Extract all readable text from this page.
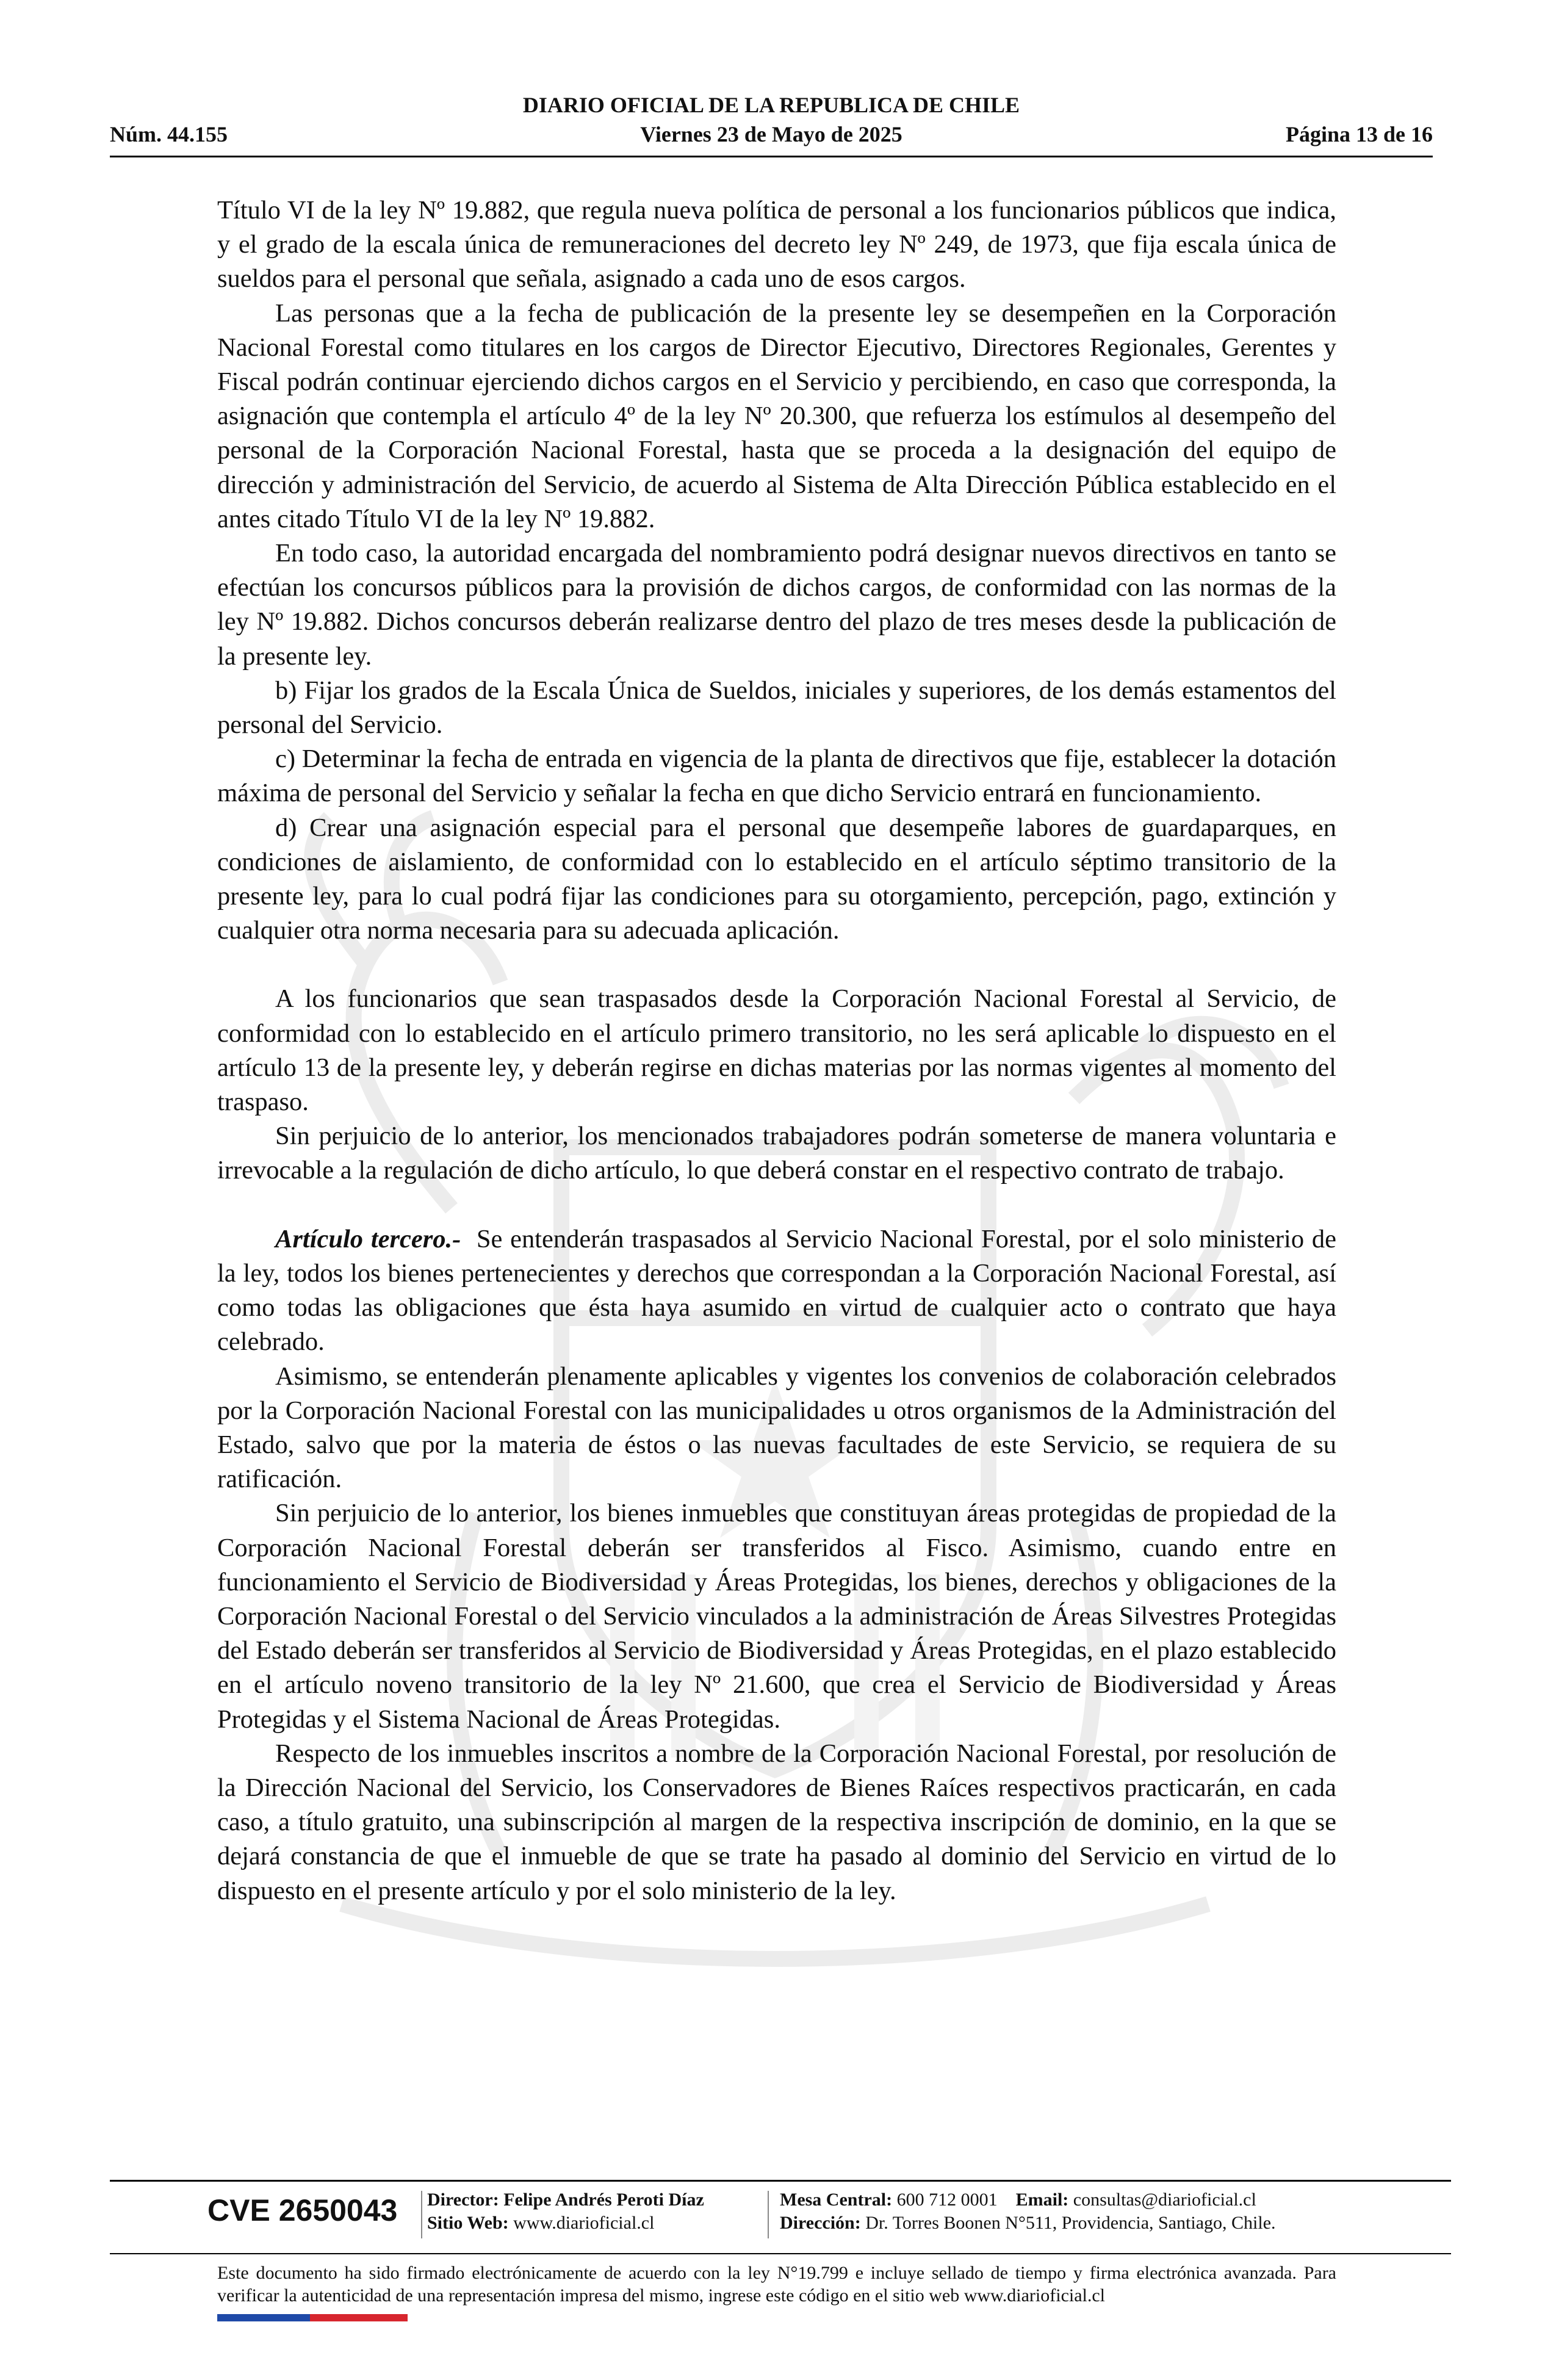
DIARIO OFICIAL DE LA REPUBLICA DE CHILE
Núm. 44.155	Viernes 23 de Mayo de 2025	Página 13 de 16

Título VI de la ley Nº 19.882, que regula nueva política de personal a los funcionarios públicos que indica, y el grado de la escala única de remuneraciones del decreto ley Nº 249, de 1973, que fija escala única de sueldos para el personal que señala, asignado a cada uno de esos cargos.

Las personas que a la fecha de publicación de la presente ley se desempeñen en la Corporación Nacional Forestal como titulares en los cargos de Director Ejecutivo, Directores Regionales, Gerentes y Fiscal podrán continuar ejerciendo dichos cargos en el Servicio y percibiendo, en caso que corresponda, la asignación que contempla el artículo 4º de la ley Nº 20.300, que refuerza los estímulos al desempeño del personal de la Corporación Nacional Forestal, hasta que se proceda a la designación del equipo de dirección y administración del Servicio, de acuerdo al Sistema de Alta Dirección Pública establecido en el antes citado Título VI de la ley Nº 19.882.

En todo caso, la autoridad encargada del nombramiento podrá designar nuevos directivos en tanto se efectúan los concursos públicos para la provisión de dichos cargos, de conformidad con las normas de la ley Nº 19.882. Dichos concursos deberán realizarse dentro del plazo de tres meses desde la publicación de la presente ley.

b) Fijar los grados de la Escala Única de Sueldos, iniciales y superiores, de los demás estamentos del personal del Servicio.

c) Determinar la fecha de entrada en vigencia de la planta de directivos que fije, establecer la dotación máxima de personal del Servicio y señalar la fecha en que dicho Servicio entrará en funcionamiento.

d) Crear una asignación especial para el personal que desempeñe labores de guardaparques, en condiciones de aislamiento, de conformidad con lo establecido en el artículo séptimo transitorio de la presente ley, para lo cual podrá fijar las condiciones para su otorgamiento, percepción, pago, extinción y cualquier otra norma necesaria para su adecuada aplicación.

A los funcionarios que sean traspasados desde la Corporación Nacional Forestal al Servicio, de conformidad con lo establecido en el artículo primero transitorio, no les será aplicable lo dispuesto en el artículo 13 de la presente ley, y deberán regirse en dichas materias por las normas vigentes al momento del traspaso.

Sin perjuicio de lo anterior, los mencionados trabajadores podrán someterse de manera voluntaria e irrevocable a la regulación de dicho artículo, lo que deberá constar en el respectivo contrato de trabajo.

Artículo tercero.- Se entenderán traspasados al Servicio Nacional Forestal, por el solo ministerio de la ley, todos los bienes pertenecientes y derechos que correspondan a la Corporación Nacional Forestal, así como todas las obligaciones que ésta haya asumido en virtud de cualquier acto o contrato que haya celebrado.

Asimismo, se entenderán plenamente aplicables y vigentes los convenios de colaboración celebrados por la Corporación Nacional Forestal con las municipalidades u otros organismos de la Administración del Estado, salvo que por la materia de éstos o las nuevas facultades de este Servicio, se requiera de su ratificación.

Sin perjuicio de lo anterior, los bienes inmuebles que constituyan áreas protegidas de propiedad de la Corporación Nacional Forestal deberán ser transferidos al Fisco. Asimismo, cuando entre en funcionamiento el Servicio de Biodiversidad y Áreas Protegidas, los bienes, derechos y obligaciones de la Corporación Nacional Forestal o del Servicio vinculados a la administración de Áreas Silvestres Protegidas del Estado deberán ser transferidos al Servicio de Biodiversidad y Áreas Protegidas, en el plazo establecido en el artículo noveno transitorio de la ley Nº 21.600, que crea el Servicio de Biodiversidad y Áreas Protegidas y el Sistema Nacional de Áreas Protegidas.

Respecto de los inmuebles inscritos a nombre de la Corporación Nacional Forestal, por resolución de la Dirección Nacional del Servicio, los Conservadores de Bienes Raíces respectivos practicarán, en cada caso, a título gratuito, una subinscripción al margen de la respectiva inscripción de dominio, en la que se dejará constancia de que el inmueble de que se trate ha pasado al dominio del Servicio en virtud de lo dispuesto en el presente artículo y por el solo ministerio de la ley.

CVE 2650043 Director: Felipe Andrés Peroti Díaz
Sitio Web: www.diarioficial.cl
Mesa Central: 600 712 0001 Email: consultas@diarioficial.cl
Dirección: Dr. Torres Boonen N°511, Providencia, Santiago, Chile.
Este documento ha sido firmado electrónicamente de acuerdo con la ley N°19.799 e incluye sellado de tiempo y firma electrónica avanzada. Para verificar la autenticidad de una representación impresa del mismo, ingrese este código en el sitio web www.diarioficial.cl
